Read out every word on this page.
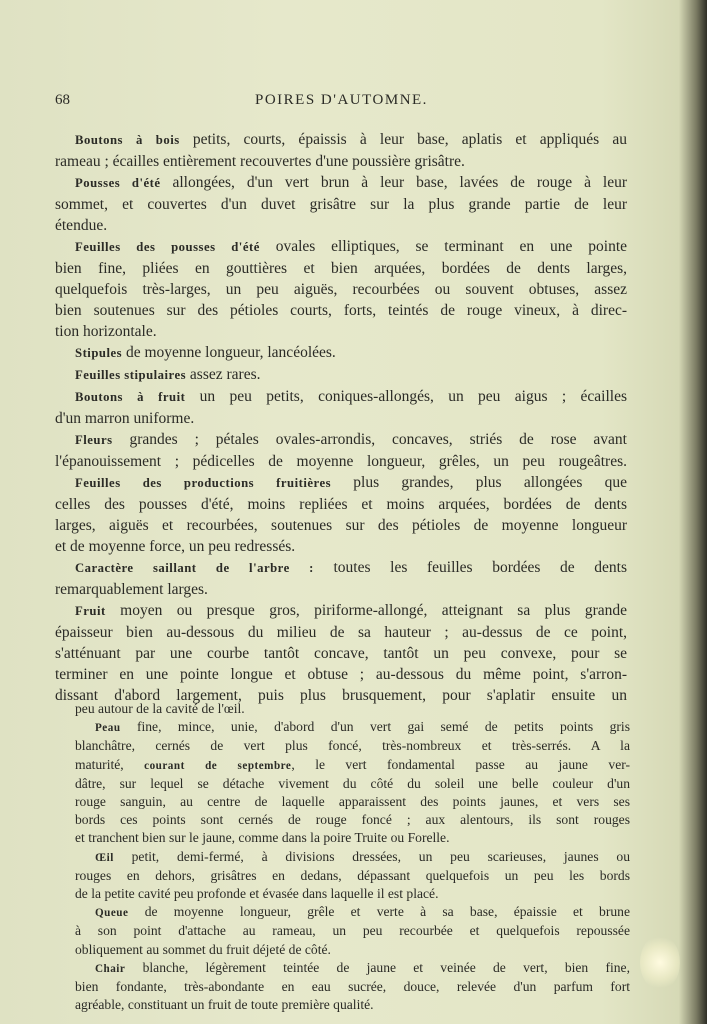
68	POIRES D'AUTOMNE.
Boutons à bois petits, courts, épaissis à leur base, aplatis et appliqués au
rameau ; écailles entièrement recouvertes d'une poussière grisâtre.
Pousses d'été allongées, d'un vert brun à leur base, lavées de rouge à leur
sommet, et couvertes d'un duvet grisâtre sur la plus grande partie de leur
étendue.
Feuilles des pousses d'été ovales elliptiques, se terminant en une pointe
bien fine, pliées en gouttières et bien arquées, bordées de dents larges,
quelquefois très-larges, un peu aiguës, recourbées ou souvent obtuses, assez
bien soutenues sur des pétioles courts, forts, teintés de rouge vineux, à direc-
tion horizontale.
Stipules de moyenne longueur, lancéolées.
Feuilles stipulaires assez rares.
Boutons à fruit un peu petits, coniques-allongés, un peu aigus ; écailles
d'un marron uniforme.
Fleurs grandes ; pétales ovales-arrondis, concaves, striés de rose avant
l'épanouissement ; pédicelles de moyenne longueur, grêles, un peu rougeâtres.
Feuilles des productions fruitières plus grandes, plus allongées que
celles des pousses d'été, moins repliées et moins arquées, bordées de dents
larges, aiguës et recourbées, soutenues sur des pétioles de moyenne longueur
et de moyenne force, un peu redressés.
Caractère saillant de l'arbre : toutes les feuilles bordées de dents
remarquablement larges.
Fruit moyen ou presque gros, piriforme-allongé, atteignant sa plus grande
épaisseur bien au-dessous du milieu de sa hauteur ; au-dessus de ce point,
s'atténuant par une courbe tantôt concave, tantôt un peu convexe, pour se
terminer en une pointe longue et obtuse ; au-dessous du même point, s'arron-
dissant d'abord largement, puis plus brusquement, pour s'aplatir ensuite un
peu autour de la cavité de l'œil.
Peau fine, mince, unie, d'abord d'un vert gai semé de petits points gris
blanchâtre, cernés de vert plus foncé, très-nombreux et très-serrés. A la
maturité, courant de septembre, le vert fondamental passe au jaune ver-
dâtre, sur lequel se détache vivement du côté du soleil une belle couleur d'un
rouge sanguin, au centre de laquelle apparaissent des points jaunes, et vers ses
bords ces points sont cernés de rouge foncé ; aux alentours, ils sont rouges
et tranchent bien sur le jaune, comme dans la poire Truite ou Forelle.
Œil petit, demi-fermé, à divisions dressées, un peu scarieuses, jaunes ou
rouges en dehors, grisâtres en dedans, dépassant quelquefois un peu les bords
de la petite cavité peu profonde et évasée dans laquelle il est placé.
Queue de moyenne longueur, grêle et verte à sa base, épaissie et brune
à son point d'attache au rameau, un peu recourbée et quelquefois repoussée
obliquement au sommet du fruit déjeté de côté.
Chair blanche, légèrement teintée de jaune et veinée de vert, bien fine,
bien fondante, très-abondante en eau sucrée, douce, relevée d'un parfum fort
agréable, constituant un fruit de toute première qualité.
